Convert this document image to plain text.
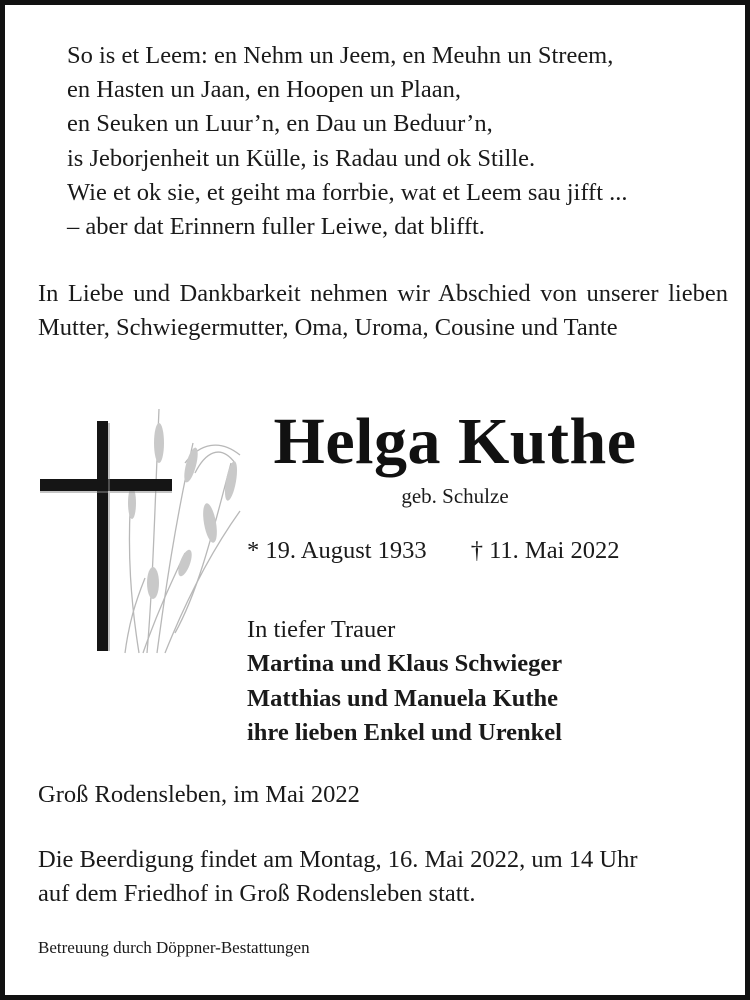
So is et Leem: en Nehm un Jeem, en Meuhn un Streem,
en Hasten un Jaan, en Hoopen un Plaan,
en Seuken un Luur’n, en Dau un Beduur’n,
is Jeborjenheit un Külle, is Radau und ok Stille.
Wie et ok sie, et geiht ma forrbie, wat et Leem sau jifft ...
– aber dat Erinnern fuller Leiwe, dat blifft.
In Liebe und Dankbarkeit nehmen wir Abschied von unserer lieben Mutter, Schwiegermutter, Oma, Uroma, Cousine und Tante
Helga Kuthe
geb. Schulze
* 19. August 1933 † 11. Mai 2022
In tiefer Trauer
Martina und Klaus Schwieger
Matthias und Manuela Kuthe
ihre lieben Enkel und Urenkel
Groß Rodensleben, im Mai 2022
Die Beerdigung findet am Montag, 16. Mai 2022, um 14 Uhr
auf dem Friedhof in Groß Rodensleben statt.
Betreuung durch Döppner-Bestattungen
